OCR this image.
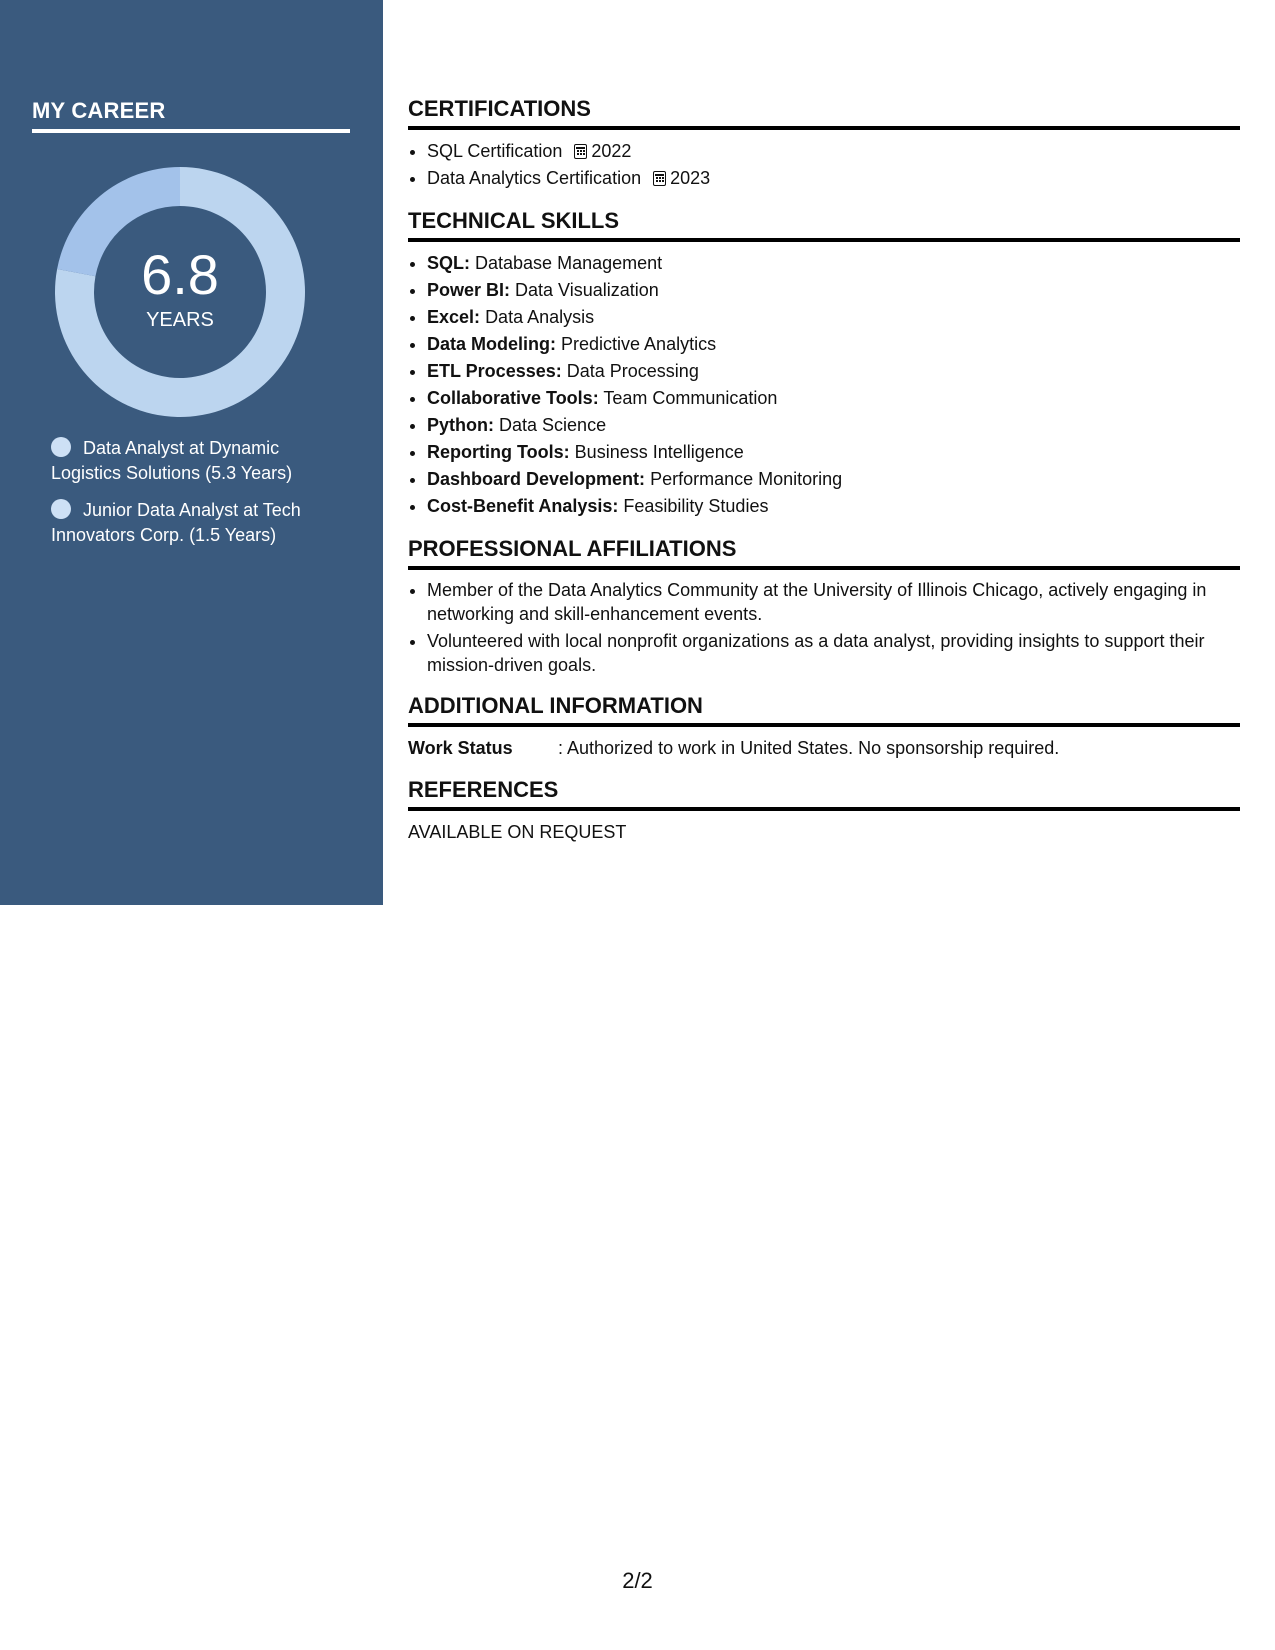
MY CAREER
6.8
YEARS
Data Analyst at Dynamic Logistics Solutions (5.3 Years)
Junior Data Analyst at Tech Innovators Corp. (1.5 Years)
CERTIFICATIONS
• SQL Certification 2022
• Data Analytics Certification 2023
TECHNICAL SKILLS
• SQL: Database Management
• Power BI: Data Visualization
• Excel: Data Analysis
• Data Modeling: Predictive Analytics
• ETL Processes: Data Processing
• Collaborative Tools: Team Communication
• Python: Data Science
• Reporting Tools: Business Intelligence
• Dashboard Development: Performance Monitoring
• Cost-Benefit Analysis: Feasibility Studies
PROFESSIONAL AFFILIATIONS
• Member of the Data Analytics Community at the University of Illinois Chicago, actively engaging in networking and skill-enhancement events.
• Volunteered with local nonprofit organizations as a data analyst, providing insights to support their mission-driven goals.
ADDITIONAL INFORMATION
Work Status	: Authorized to work in United States. No sponsorship required.
REFERENCES
AVAILABLE ON REQUEST
2/2
